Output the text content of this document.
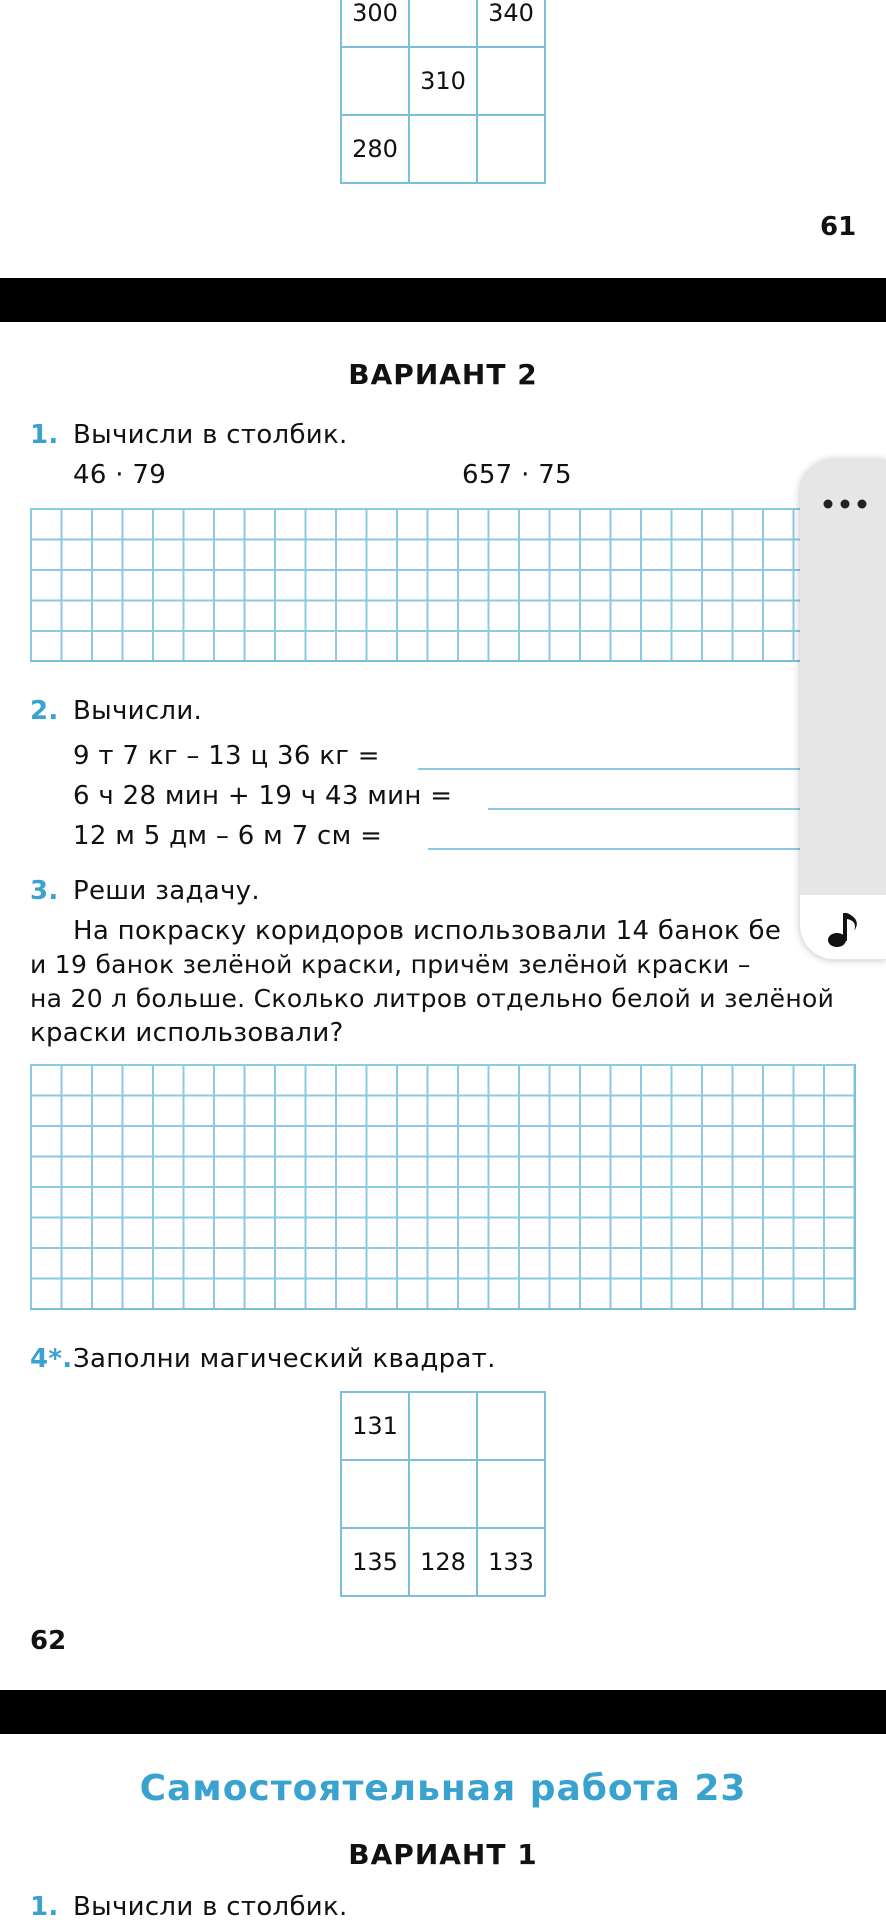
300		340
	310	
280		
61
ВАРИАНТ 2
1. Вычисли в столбик.
46 · 79	657 · 75
2. Вычисли.
9 т 7 кг – 13 ц 36 кг =
6 ч 28 мин + 19 ч 43 мин =
12 м 5 дм – 6 м 7 см =
3. Реши задачу.
На покраску коридоров использовали 14 банок бе
и 19 банок зелёной краски, причём зелёной краски –
на 20 л больше. Сколько литров отдельно белой и зелёной
краски использовали?
4*. Заполни магический квадрат.
131		

135	128	133
62
Самостоятельная работа 23
ВАРИАНТ 1
1. Вычисли в столбик.
